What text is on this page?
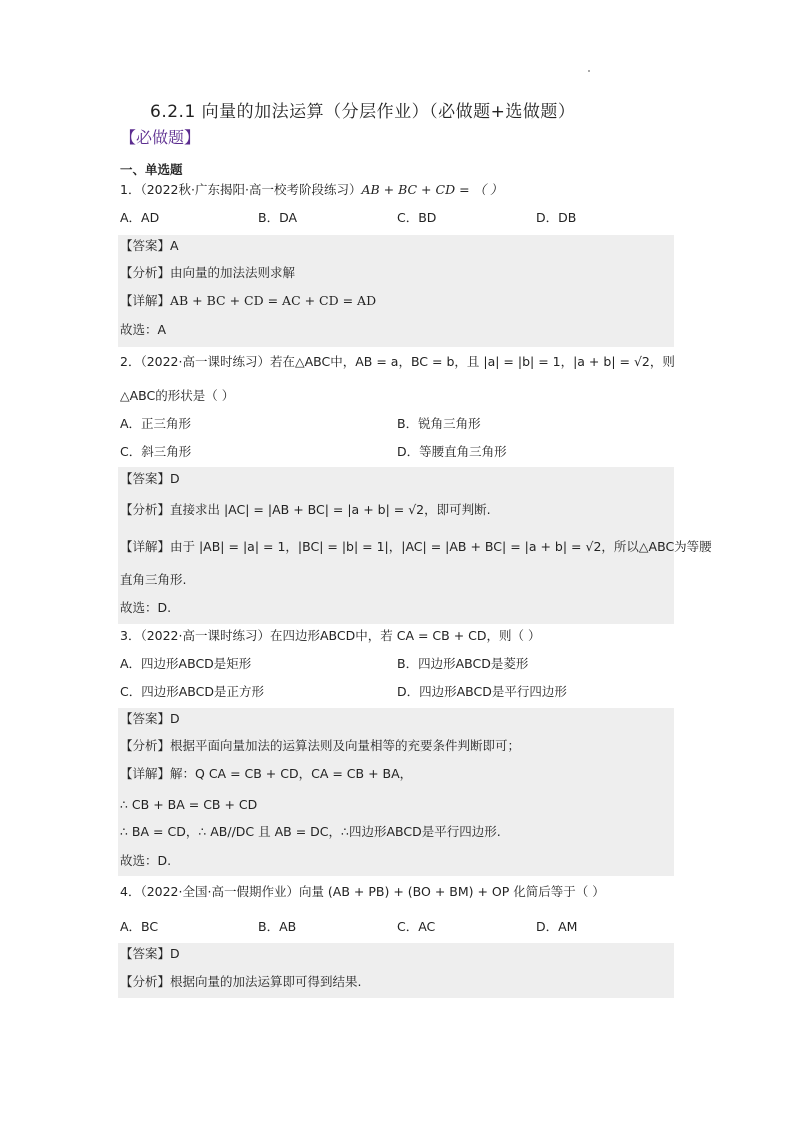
6.2.1 向量的加法运算（分层作业）（必做题+选做题）
【必做题】
一、单选题
1．（2022秋·广东揭阳·高一校考阶段练习）AB + BC + CD = （ ）
A．AD	B．DA	C．BD	D．DB
【答案】A
【分析】由向量的加法法则求解
【详解】AB + BC + CD = AC + CD = AD
故选：A
2．（2022·高一课时练习）若在△ABC中，AB = a，BC = b，且 |a| = |b| = 1，|a + b| = √2，则
△ABC的形状是（ ）
A．正三角形	B．锐角三角形
C．斜三角形	D．等腰直角三角形
【答案】D
【分析】直接求出 |AC| = |AB + BC| = |a + b| = √2，即可判断.
【详解】由于 |AB| = |a| = 1，|BC| = |b| = 1|，|AC| = |AB + BC| = |a + b| = √2，所以△ABC为等腰
直角三角形.
故选：D.
3．（2022·高一课时练习）在四边形ABCD中，若 CA = CB + CD，则（ ）
A．四边形ABCD是矩形	B．四边形ABCD是菱形
C．四边形ABCD是正方形	D．四边形ABCD是平行四边形
【答案】D
【分析】根据平面向量加法的运算法则及向量相等的充要条件判断即可；
【详解】解：Q CA = CB + CD，CA = CB + BA，
∴ CB + BA = CB + CD
∴ BA = CD，∴ AB//DC 且 AB = DC，∴四边形ABCD是平行四边形.
故选：D.
4．（2022·全国·高一假期作业）向量 (AB + PB) + (BO + BM) + OP 化简后等于（ ）
A．BC	B．AB	C．AC	D．AM
【答案】D
【分析】根据向量的加法运算即可得到结果.
